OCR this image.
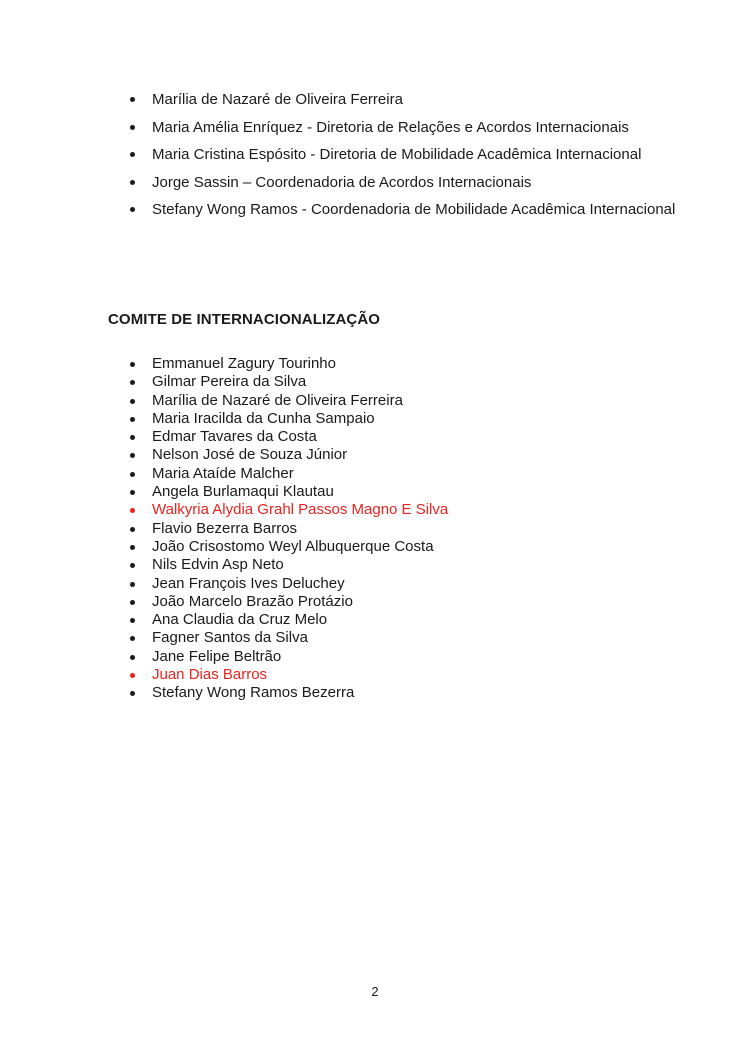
Marília de Nazaré de Oliveira Ferreira
Maria Amélia Enríquez - Diretoria de Relações e Acordos Internacionais
Maria Cristina Espósito - Diretoria de Mobilidade Acadêmica Internacional
Jorge Sassin – Coordenadoria de Acordos Internacionais
Stefany Wong Ramos - Coordenadoria de Mobilidade Acadêmica Internacional
COMITE DE INTERNACIONALIZAÇÃO
Emmanuel Zagury Tourinho
Gilmar Pereira da Silva
Marília de Nazaré de Oliveira Ferreira
Maria Iracilda da Cunha Sampaio
Edmar Tavares da Costa
Nelson José de Souza Júnior
Maria Ataíde Malcher
Angela Burlamaqui Klautau
Walkyria Alydia Grahl Passos Magno E Silva
Flavio Bezerra Barros
João Crisostomo Weyl Albuquerque Costa
Nils Edvin Asp Neto
Jean François Ives Deluchey
João Marcelo Brazão Protázio
Ana Claudia da Cruz Melo
Fagner Santos da Silva
Jane Felipe Beltrão
Juan Dias Barros
Stefany Wong Ramos Bezerra
2
